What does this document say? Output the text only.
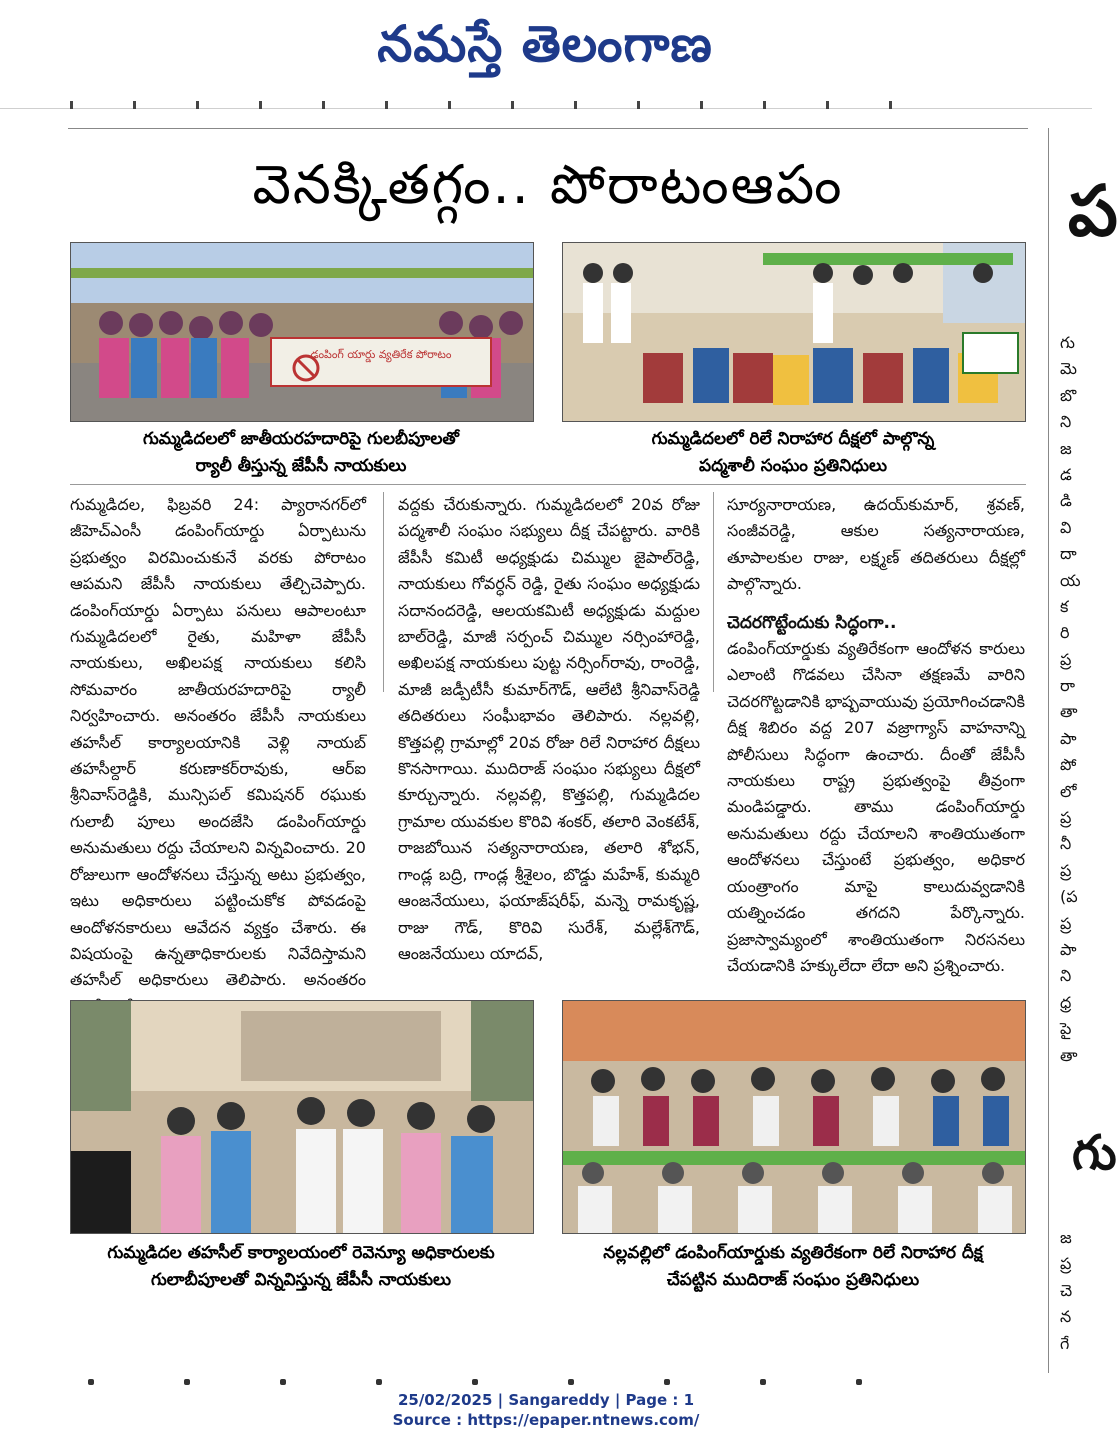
నమస్తే తెలంగాణ
వెనక్కితగ్గం.. పోరాటంఆపం
డంపింగ్ యార్డు వ్యతిరేక పోరాటం
గుమ్మడిదలలో జాతీయరహదారిపై గులబీపూలతో
ర్యాలీ తీస్తున్న జేపీసీ నాయకులు
గుమ్మడిదలలో రిలే నిరాహార దీక్షలో పాల్గొన్న
పద్మశాలీ సంఘం ప్రతినిధులు
గుమ్మడిదల, ఫిబ్రవరి 24: ప్యారానగర్‌లో జీహెచ్‌ఎంసీ డంపింగ్‌యార్డు ఏర్పాటును ప్రభుత్వం విరమించుకునే వరకు పోరాటం ఆపమని జేపీసీ నాయకులు తేల్చిచెప్పారు. డంపింగ్‌యార్డు ఏర్పాటు పనులు ఆపాలంటూ గుమ్మడిదలలో రైతు, మహిళా జేపీసీ నాయకులు, అఖిలపక్ష నాయకులు కలిసి సోమవారం జాతీయరహదారిపై ర్యాలీ నిర్వహించారు. అనంతరం జేపీసీ నాయకులు తహసీల్ కార్యాలయానికి వెళ్లి నాయబ్ తహసీల్దార్ కరుణాకర్‌రావుకు, ఆర్ఐ శ్రీనివాస్‌రెడ్డికి, మున్సిపల్ కమిషనర్ రఘుకు గులాబీ పూలు అందజేసి డంపింగ్‌యార్డు అనుమతులు రద్దు చేయాలని విన్నవించారు. 20 రోజులుగా ఆందోళనలు చేస్తున్న అటు ప్రభుత్వం, ఇటు అధికారులు పట్టించుకోక పోవడంపై ఆందోళనకారులు ఆవేదన వ్యక్తం చేశారు. ఈ విషయంపై ఉన్నతాధికారులకు నివేదిస్తామని తహసీల్ అధికారులు తెలిపారు. అనంతరం
వద్దకు చేరుకున్నారు. గుమ్మడిదలలో 20వ రోజు పద్మశాలీ సంఘం సభ్యులు దీక్ష చేపట్టారు. వారికి జేపీసీ కమిటీ అధ్యక్షుడు చిమ్ముల జైపాల్‌రెడ్డి, నాయకులు గోవర్ధన్ రెడ్డి, రైతు సంఘం అధ్యక్షుడు సదానందరెడ్డి, ఆలయకమిటీ అధ్యక్షుడు మద్దుల బాల్‌రెడ్డి, మాజీ సర్పంచ్ చిమ్ముల నర్సింహారెడ్డి, అఖిలపక్ష నాయకులు పుట్ట నర్సింగ్‌రావు, రాంరెడ్డి, మాజీ జడ్పీటీసీ కుమార్‌గౌడ్, ఆలేటి శ్రీనివాస్‌రెడ్డి తదితరులు సంఘీభావం తెలిపారు. నల్లవల్లి, కొత్తపల్లి గ్రామాల్లో 20వ రోజు రిలే నిరాహార దీక్షలు కొనసాగాయి. ముదిరాజ్ సంఘం సభ్యులు దీక్షలో కూర్చున్నారు. నల్లవల్లి, కొత్తపల్లి, గుమ్మడిదల గ్రామాల యువకుల కొరివి శంకర్, తలారి వెంకటేశ్, రాజబోయిన సత్యనారాయణ, తలారి శోభన్, గాండ్ల బద్రి, గాండ్ల శ్రీశైలం, బొడ్డు మహేశ్, కుమ్మరి ఆంజనేయులు, ఫయాజ్‌షరీఫ్, మన్నె రామకృష్ణ, రాజు గౌడ్, కొరివి సురేశ్, మల్లేశ్‌గౌడ్, ఆంజనేయులు యాదవ్,
సూర్యనారాయణ, ఉదయ్‌కుమార్, శ్రవణ్, సంజీవరెడ్డి, ఆకుల సత్యనారాయణ, తూపాలకుల రాజు, లక్ష్మణ్ తదితరులు దీక్షల్లో పాల్గొన్నారు.
చెదరగొట్టేందుకు సిద్ధంగా..
డంపింగ్‌యార్డుకు వ్యతిరేకంగా ఆందోళన కారులు ఎలాంటి గొడవలు చేసినా తక్షణమే వారిని చెదరగొట్టడానికి భాష్పవాయువు ప్రయోగించడానికి దీక్ష శిబిరం వద్ద 207 వజ్రాగ్యాస్ వాహనాన్ని పోలీసులు సిద్ధంగా ఉంచారు. దీంతో జేపీసీ నాయకులు రాష్ట్ర ప్రభుత్వంపై తీవ్రంగా మండిపడ్డారు. తాము డంపింగ్‌యార్డు అనుమతులు రద్దు చేయాలని శాంతియుతంగా ఆందోళనలు చేస్తుంటే ప్రభుత్వం, అధికార యంత్రాంగం మాపై కాలుదువ్వడానికి యత్నించడం తగదని పేర్కొన్నారు. ప్రజాస్వామ్యంలో శాంతియుతంగా నిరసనలు చేయడానికి హక్కులేదా లేదా అని ప్రశ్నించారు.
గుమ్మడిదల తహసీల్ కార్యాలయంలో రెవెన్యూ అధికారులకు
గులాబీపూలతో విన్నవిస్తున్న జేపీసీ నాయకులు
నల్లవల్లిలో డంపింగ్‌యార్డుకు వ్యతిరేకంగా రిలే నిరాహార దీక్ష
చేపట్టిన ముదిరాజ్ సంఘం ప్రతినిధులు
ప
గు
మె
బొ
ని
జ
డ
డి
వి
దా
య
క
రి
ప్ర
రా
తా
పా
పో
లో
ప్ర
నీ
ప్ర
(ప
ప్ర
పా
ని
ధ్ర
పై
తా
గు
జ
ప్ర
చె
న
గే
25/02/2025 | Sangareddy | Page : 1
Source : https://epaper.ntnews.com/
